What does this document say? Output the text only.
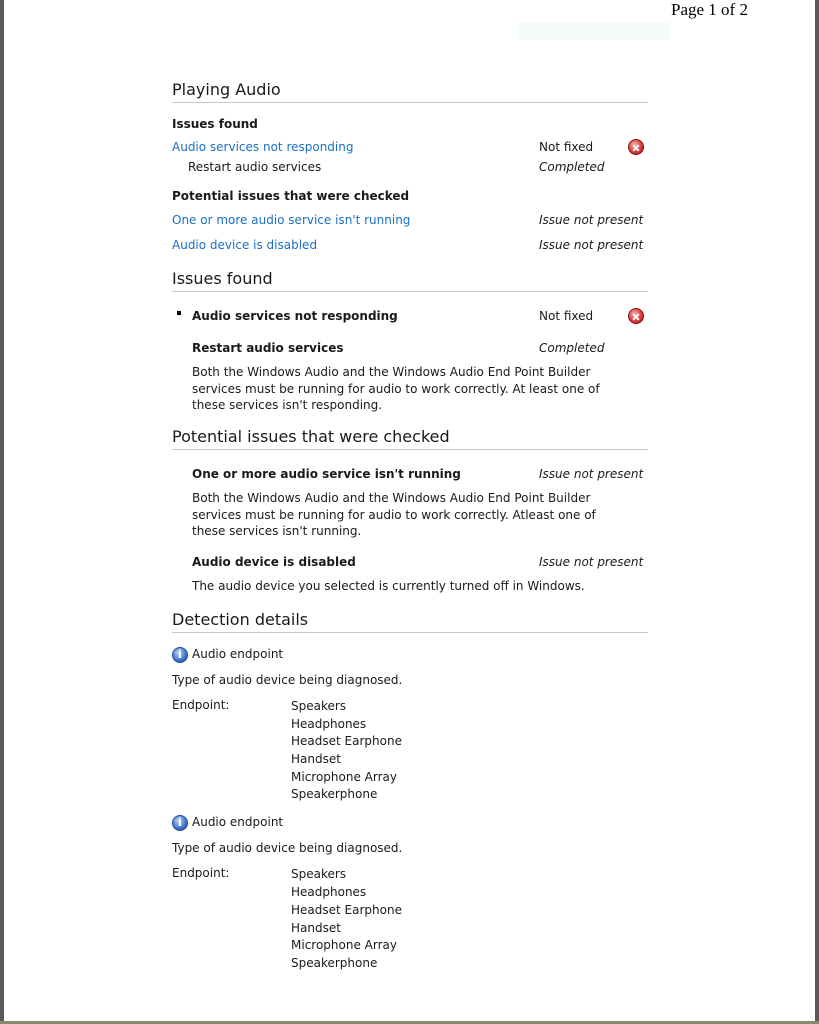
Page 1 of 2
Playing Audio
Issues found
Audio services not responding	Not fixed
Restart audio services	Completed
Potential issues that were checked
One or more audio service isn't running	Issue not present
Audio device is disabled	Issue not present
Issues found
Audio services not responding	Not fixed
Restart audio services	Completed
Both the Windows Audio and the Windows Audio End Point Builder services must be running for audio to work correctly. At least one of these services isn't responding.
Potential issues that were checked
One or more audio service isn't running	Issue not present
Both the Windows Audio and the Windows Audio End Point Builder services must be running for audio to work correctly. Atleast one of these services isn't running.
Audio device is disabled	Issue not present
The audio device you selected is currently turned off in Windows.
Detection details
i Audio endpoint
Type of audio device being diagnosed.
Endpoint:	Speakers
Headphones
Headset Earphone
Handset
Microphone Array
Speakerphone
i Audio endpoint
Type of audio device being diagnosed.
Endpoint:	Speakers
Headphones
Headset Earphone
Handset
Microphone Array
Speakerphone
